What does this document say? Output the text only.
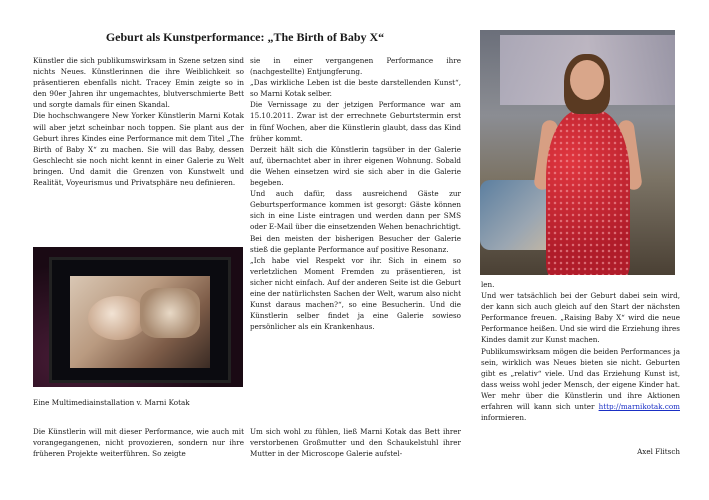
Geburt als Kunstperformance: „The Birth of Baby X“

Künstler die sich publikumswirksam in Szene setzen sind nichts Neues. Künstlerinnen die ihre Weiblichkeit so präsentieren ebenfalls nicht. Tracey Emin zeigte so in den 90er Jahren ihr ungemachtes, blutverschmierte Bett und sorgte damals für einen Skandal.

Die hochschwangere New Yorker Künstlerin Marni Kotak will aber jetzt scheinbar noch toppen. Sie plant aus der Geburt ihres Kindes eine Performance mit dem Titel „The Birth of Baby X“ zu machen. Sie will das Baby, dessen Geschlecht sie noch nicht kennt in einer Galerie zu Welt bringen. Und damit die Grenzen von Kunstwelt und Realität, Voyeurismus und Privatsphäre neu definieren.

Eine Multimediainstallation v. Marni Kotak

Die Künstlerin will mit dieser Performance, wie auch mit vorangegangenen, nicht provozieren, sondern nur ihre früheren Projekte weiterführen. So zeigte

sie in einer vergangenen Performance ihre (nachgestellte) Entjungferung.

„Das wirkliche Leben ist die beste darstellenden Kunst“, so Marni Kotak selber.

Die Vernissage zu der jetzigen Performance war am 15.10.2011. Zwar ist der errechnete Geburtstermin erst in fünf Wochen, aber die Künstlerin glaubt, dass das Kind früher kommt.

Derzeit hält sich die Künstlerin tagsüber in der Galerie auf, übernachtet aber in ihrer eigenen Wohnung. Sobald die Wehen einsetzen wird sie sich aber in die Galerie begeben.

Und auch dafür, dass ausreichend Gäste zur Geburtsperformance kommen ist gesorgt: Gäste können sich in eine Liste eintragen und werden dann per SMS oder E-Mail über die einsetzenden Wehen benachrichtigt.

Bei den meisten der bisherigen Besucher der Galerie stieß die geplante Performance auf positive Resonanz.

„Ich habe viel Respekt vor ihr. Sich in einem so verletzlichen Moment Fremden zu präsentieren, ist sicher nicht einfach. Auf der anderen Seite ist die Geburt eine der natürlichsten Sachen der Welt, warum also nicht Kunst daraus machen?“, so eine Besucherin. Und die Künstlerin selber findet ja eine Galerie sowieso persönlicher als ein Krankenhaus.

Um sich wohl zu fühlen, ließ Marni Kotak das Bett ihrer verstorbenen Großmutter und den Schaukelstuhl ihrer Mutter in der Microscope Galerie aufstel-

len.

Und wer tatsächlich bei der Geburt dabei sein wird, der kann sich auch gleich auf den Start der nächsten Performance freuen. „Raising Baby X“ wird die neue Performance heißen. Und sie wird die Erziehung ihres Kindes damit zur Kunst machen.

Publikumswirksam mögen die beiden Performances ja sein, wirklich was Neues bieten sie nicht. Geburten gibt es „relativ“ viele. Und das Erziehung Kunst ist, dass weiss wohl jeder Mensch, der eigene Kinder hat. Wer mehr über die Künstlerin und ihre Aktionen erfahren will kann sich unter http://marnikotak.com informieren.

Axel Flitsch
